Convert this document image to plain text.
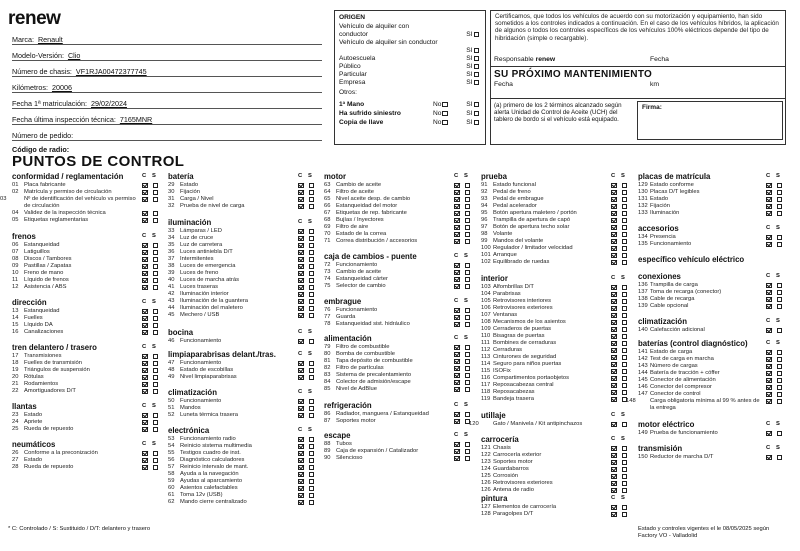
renew
Marca: Renault
Modelo-Versión: Clio
Número de chasis: VF1RJA00472377745
Kilómetros: 20006
Fecha 1ª matriculación: 29/02/2024
Fecha última inspección técnica: 7165MNR
Número de pedido:
Código de radio:
ORIGEN
Vehículo de alquiler con conductor	SI
Vehículo de alquiler sin conductor
SI
Autoescuela	SI
Público	SI
Particular	SI
Empresa	SI
Otros:
1ª Mano	No	SI
Ha sufrido siniestro	No	SI
Copia de llave	No	SI
Certificamos, que todos los vehículos de acuerdo con su motorización y equipamiento, han sido sometidos a los controles indicados a continuación. En el caso de los vehículos híbridos, la aplicación de algunos o todos los controles específicos de los vehículos 100% eléctricos depende del tipo de hibridación (simple o recargable).
Responsable renew	Fecha
SU PRÓXIMO MANTENIMIENTO
Fecha	km
(a) primero de los 2 términos alcanzado según alerta Unidad de Control de Aceite (UCH) del tablero de bordo si el vehículo está equipado.
Firma:
PUNTOS DE CONTROL
conformidad / reglamentación	C S
01 Placa fabricante
02 Matrícula y permiso de circulación
03	Nº de identificación del vehículo vs permiso de circulación
04 Validez de la inspección técnica
05 Etiquetas reglamentarias
frenos	C S
06 Estanqueidad
07 Latiguillos
08 Discos / Tambores
09 Pastillas / Zapatas
10 Freno de mano
11 Líquido de frenos
12 Asistencia / ABS
dirección	C S
13 Estanqueidad
14 Fuelles
15 Líquido DA
16 Canalizaciones
tren delantero / trasero	C S
17 Transmisiones
18 Fuelles de transmisión
19 Triángulos de suspensión
20 Rótulas
21 Rodamientos
22 Amortiguadores D/T
llantas	C S
23 Estado
24 Apriete
25 Rueda de repuesto
neumáticos	C S
26 Conforme a la preconización
27 Estado
28 Rueda de repuesto
batería	C S
29 Estado
30 Fijación
31 Carga / Nivel
32 Prueba de nivel de carga
iluminación	C S
33 Lámparas / LED
34 Luz de cruce
35 Luz de carretera
36 Luces antiniebla D/T
37 Intermitentes
38 Luces de emergencia
39 Luces de freno
40 Luces de marcha atrás
41 Luces traseras
42 Iluminación interior
43 Iluminación de la guantera
44 Iluminación del maletero
45 Mechero / USB
bocina	C S
46 Funcionamiento
limpiaparabrisas delant./tras.	C S
47 Funcionamiento
48 Estado de escobillas
49 Nivel limpiaparabrisas
climatización	C S
50 Funcionamiento
51 Mandos
52 Luneta térmica trasera
electrónica	C S
53 Funcionamiento radio
54 Reinicio sistema multimedia
55 Testigos cuadro de inst.
56 Diagnóstico calculadores
57 Reinicio intervalo de mant.
58 Ayuda a la navegación
59 Ayudas al aparcamiento
60 Asientos calefactables
61 Toma 12v (USB)
62 Mando cierre centralizado
motor	C S
63 Cambio de aceite
64 Filtro de aceite
65 Nivel aceite desp. de cambio
66 Estanqueidad del motor
67 Etiquetas de rep. fabricante
68 Bujías / Inyectores
69 Filtro de aire
70 Estado de la correa
71 Correa distribución / accesorios
caja de cambios - puente	C S
72 Funcionamiento
73 Cambio de aceite
74 Estanqueidad cárter
75 Selector de cambio
embrague	C S
76 Funcionamiento
77 Guarda
78 Estanqueidad sist. hidráulico
alimentación	C S
79 Filtro de combustible
80 Bomba de combustible
81 Tapa depósito de combustible
82 Filtro de partículas
83 Sistema de precalentamiento
84 Colector de admisión/escape
85 Nivel de AdBlue
refrigeración	C S
86 Radiador, manguera / Estanqueidad
87 Soportes motor
escape	C S
88 Tubos
89 Caja de expansión / Catalizador
90 Silencioso
prueba	C S
91 Estado funcional
92 Pedal de freno
93 Pedal de embrague
94 Pedal acelerador
95 Botón apertura maletero / portón
96 Trampilla de apertura de capó
97 Botón de apertura techo solar
98 Volante
99 Mandos del volante
100 Regulador / limitador velocidad
101 Arranque
102 Equilibrado de ruedas
interior	C S
103 Alfombrillas D/T
104 Parabrisas
105 Retrovisores interiores
106 Retrovisores exteriores
107 Ventanas
108 Mecanismos de los asientos
109 Cerraderos de puertas
110 Bisagras de puertas
111 Bombines de cerraduras
112 Cerraduras
113 Cinturones de seguridad
114 Seguro para niños puertas
115 ISOFix
116 Compartimentos portaobjetos
117 Reposacabezas central
118 Reposacabezas
119 Bandeja trasera
utillaje	C S
120 Gato / Manivela / Kit antipinchazos
carrocería	C S
121 Chasis
122 Carrocería exterior
123 Soportes motor
124 Guardabarros
125 Corrosión
126 Retrovisores exteriores
126 Antena de radio
pintura	C S
127 Elementos de carrocería
128 Paragolpes D/T
placas de matrícula	C S
129 Estado conforme
130 Placas D/T legibles
131 Estado
132 Fijación
133 Iluminación
accesorios	C S
134 Presencia
135 Funcionamiento
específico vehículo eléctrico
conexiones	C S
136 Trampilla de carga
137 Toma de recarga (conector)
138 Cable de recarga
139 Cable opcional
climatización	C S
140 Calefacción adicional
baterías (control diagnóstico)	C S
141 Estado de carga
142 Test de carga en marcha
143 Número de cargas
144 Batería de tracción + cóffer
145 Conector de alimentación
146 Conector del compresor
147 Conector de control
148 Carga obligatoria mínima al 99 % antes de la entrega
motor eléctrico	C S
149 Prueba de funcionamiento
transmisión	C S
150 Reductor de marcha D/T
* C: Controlado / S: Sustituido / D/T: delantero y trasero	Estado y controles vigentes el le 08/05/2025 según Factory VO - Valladolid
